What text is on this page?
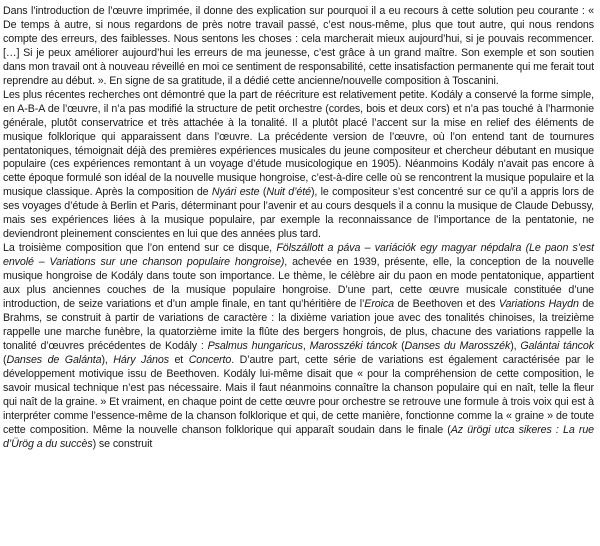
Dans l’introduction de l’œuvre imprimée, il donne des explication sur pourquoi il a eu recours à cette solution peu courante : « De temps à autre, si nous regardons de près notre travail passé, c’est nous-même, plus que tout autre, qui nous rendons compte des erreurs, des faiblesses. Nous sentons les choses : cela marcherait mieux aujourd’hui, si je pouvais recommencer. […] Si je peux améliorer aujourd’hui les erreurs de ma jeunesse, c’est grâce à un grand maître. Son exemple et son soutien dans mon travail ont à nouveau réveillé en moi ce sentiment de responsabilité, cette insatisfaction permanente qui me ferait tout reprendre au début. ». En signe de sa gratitude, il a dédié cette ancienne/nouvelle composition à Toscanini.

Les plus récentes recherches ont démontré que la part de réécriture est relativement petite. Kodály a conservé la forme simple, en A-B-A de l’œuvre, il n’a pas modifié la structure de petit orchestre (cordes, bois et deux cors) et n’a pas touché à l’harmonie générale, plutôt conservatrice et très attachée à la tonalité. Il a plutôt placé l’accent sur la mise en relief des éléments de musique folklorique qui apparaissent dans l’œuvre. La précédente version de l’œuvre, où l’on entend tant de tournures pentatoniques, témoignait déjà des premières expériences musicales du jeune compositeur et chercheur débutant en musique populaire (ces expériences remontant à un voyage d’étude musicologique en 1905). Néanmoins Kodály n’avait pas encore à cette époque formulé son idéal de la nouvelle musique hongroise, c’est-à-dire celle où se rencontrent la musique populaire et la musique classique. Après la composition de Nyári este (Nuit d’été), le compositeur s’est concentré sur ce qu’il a appris lors de ses voyages d’étude à Berlin et Paris, déterminant pour l’avenir et au cours desquels il a connu la musique de Claude Debussy, mais ses expériences liées à la musique populaire, par exemple la reconnaissance de l’importance de la pentatonie, ne deviendront pleinement conscientes en lui que des années plus tard.

La troisième composition que l’on entend sur ce disque, Fölszállott a páva – variációk egy magyar népdalra (Le paon s’est envolé – Variations sur une chanson populaire hongroise), achevée en 1939, présente, elle, la conception de la nouvelle musique hongroise de Kodály dans toute son importance. Le thème, le célèbre air du paon en mode pentatonique, appartient aux plus anciennes couches de la musique populaire hongroise. D’une part, cette œuvre musicale constituée d’une introduction, de seize variations et d’un ample finale, en tant qu’héritière de l’Eroica de Beethoven et des Variations Haydn de Brahms, se construit à partir de variations de caractère : la dixième variation joue avec des tonalités chinoises, la treizième rappelle une marche funèbre, la quatorzième imite la flûte des bergers hongrois, de plus, chacune des variations rappelle la tonalité d’œuvres précédentes de Kodály : Psalmus hungaricus, Marosszéki táncok (Danses du Marosszék), Galántai táncok (Danses de Galánta), Háry János et Concerto. D’autre part, cette série de variations est également caractérisée par le développement motivique issu de Beethoven. Kodály lui-même disait que « pour la compréhension de cette composition, le savoir musical technique n’est pas nécessaire. Mais il faut néanmoins connaître la chanson populaire qui en naît, telle la fleur qui naît de la graine. » Et vraiment, en chaque point de cette œuvre pour orchestre se retrouve une formule à trois voix qui est à interpréter comme l’essence-même de la chanson folklorique et qui, de cette manière, fonctionne comme la « graine » de toute cette composition. Même la nouvelle chanson folklorique qui apparaît soudain dans le finale (Az ürögi utca sikeres : La rue d’Ürög a du succès) se construit
